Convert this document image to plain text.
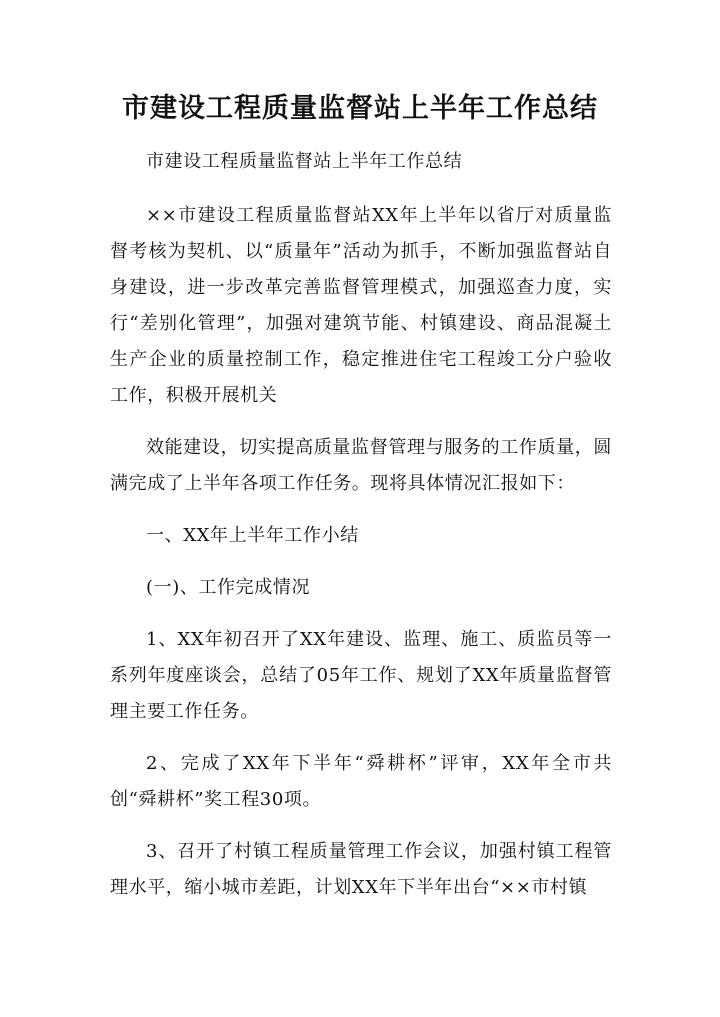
市建设工程质量监督站上半年工作总结

市建设工程质量监督站上半年工作总结

××市建设工程质量监督站XX年上半年以省厅对质量监督考核为契机、以“质量年”活动为抓手，不断加强监督站自身建设，进一步改革完善监督管理模式，加强巡查力度，实行“差别化管理”，加强对建筑节能、村镇建设、商品混凝土生产企业的质量控制工作，稳定推进住宅工程竣工分户验收工作，积极开展机关

效能建设，切实提高质量监督管理与服务的工作质量，圆满完成了上半年各项工作任务。现将具体情况汇报如下：

一、XX年上半年工作小结

(一)、工作完成情况

1、XX年初召开了XX年建设、监理、施工、质监员等一系列年度座谈会，总结了05年工作、规划了XX年质量监督管理主要工作任务。

2、完成了XX年下半年“舜耕杯”评审，XX年全市共创“舜耕杯”奖工程30项。

3、召开了村镇工程质量管理工作会议，加强村镇工程管理水平，缩小城市差距，计划XX年下半年出台“××市村镇
